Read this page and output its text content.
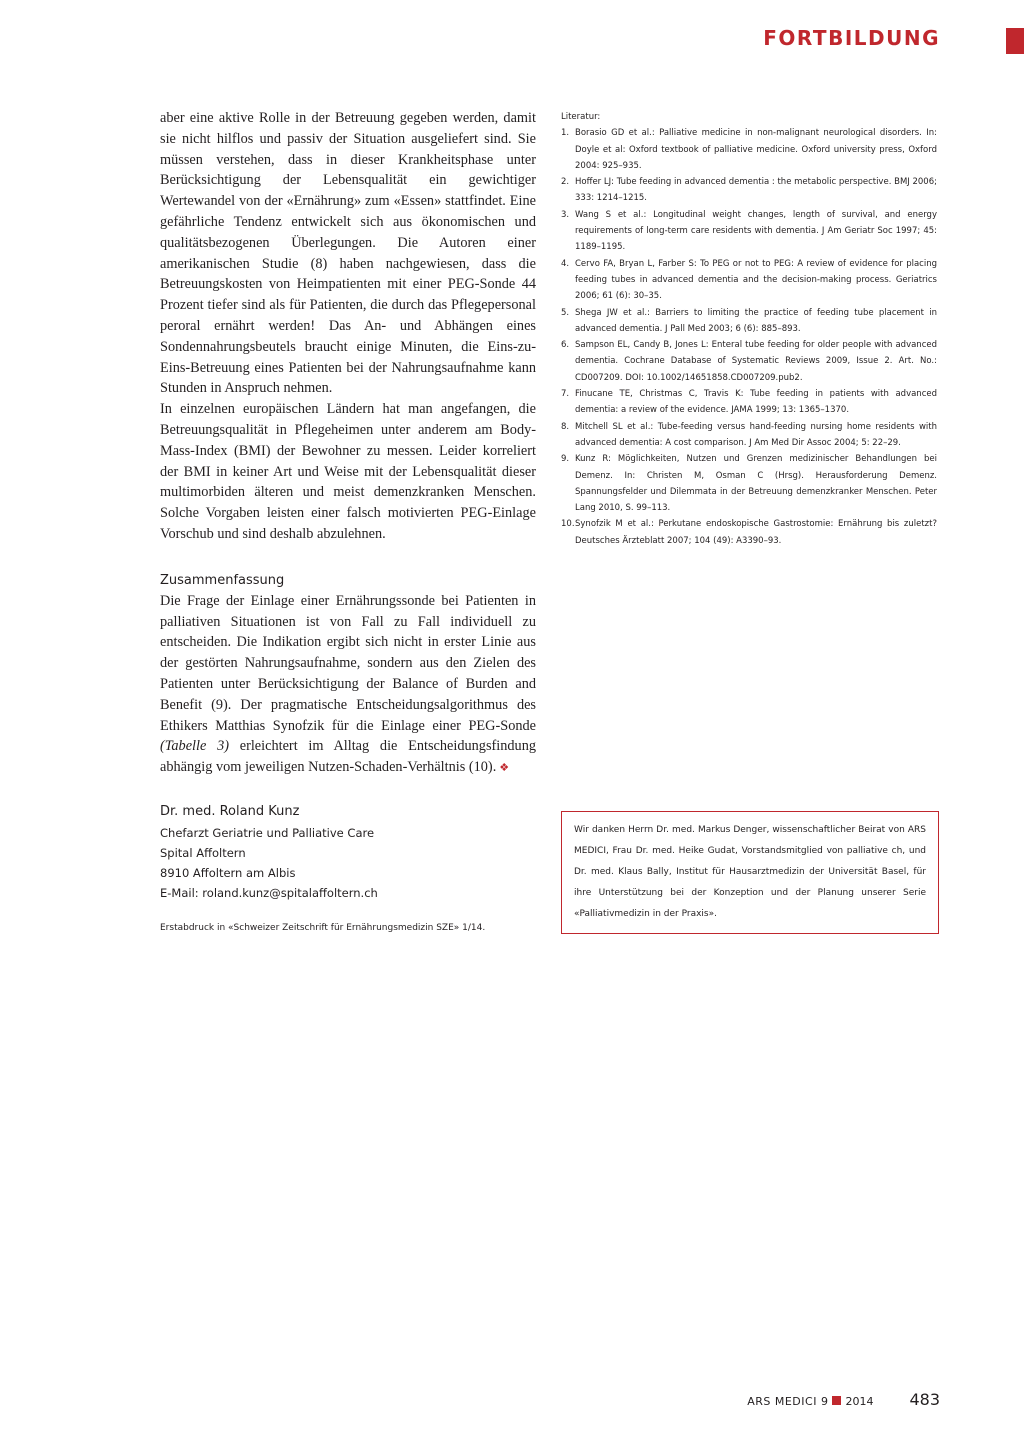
FORTBILDUNG

aber eine aktive Rolle in der Betreuung gegeben werden, damit sie nicht hilflos und passiv der Situation ausgeliefert sind. Sie müssen verstehen, dass in dieser Krankheitsphase unter Berücksichtigung der Lebensqualität ein gewichtiger Wertewandel von der «Ernährung» zum «Essen» stattfindet. Eine gefährliche Tendenz entwickelt sich aus ökonomischen und qualitätsbezogenen Überlegungen. Die Autoren einer amerikanischen Studie (8) haben nachgewiesen, dass die Betreuungskosten von Heimpatienten mit einer PEG-Sonde 44 Prozent tiefer sind als für Patienten, die durch das Pflegepersonal peroral ernährt werden! Das An- und Abhängen eines Sondennahrungsbeutels braucht einige Minuten, die Eins-zu-Eins-Betreuung eines Patienten bei der Nahrungsaufnahme kann Stunden in Anspruch nehmen.

In einzelnen europäischen Ländern hat man angefangen, die Betreuungsqualität in Pflegeheimen unter anderem am Body-Mass-Index (BMI) der Bewohner zu messen. Leider korreliert der BMI in keiner Art und Weise mit der Lebensqualität dieser multimorbiden älteren und meist demenzkranken Menschen. Solche Vorgaben leisten einer falsch motivierten PEG-Einlage Vorschub und sind deshalb abzulehnen.

Zusammenfassung

Die Frage der Einlage einer Ernährungssonde bei Patienten in palliativen Situationen ist von Fall zu Fall individuell zu entscheiden. Die Indikation ergibt sich nicht in erster Linie aus der gestörten Nahrungsaufnahme, sondern aus den Zielen des Patienten unter Berücksichtigung der Balance of Burden and Benefit (9). Der pragmatische Entscheidungsalgorithmus des Ethikers Matthias Synofzik für die Einlage einer PEG-Sonde (Tabelle 3) erleichtert im Alltag die Entscheidungsfindung abhängig vom jeweiligen Nutzen-Schaden-Verhältnis (10). ❖

Dr. med. Roland Kunz
Chefarzt Geriatrie und Palliative Care
Spital Affoltern
8910 Affoltern am Albis
E-Mail: roland.kunz@spitalaffoltern.ch
Erstabdruck in «Schweizer Zeitschrift für Ernährungsmedizin SZE» 1/14.

Literatur:

1. Borasio GD et al.: Palliative medicine in non-malignant neurological disorders. In: Doyle et al: Oxford textbook of palliative medicine. Oxford university press, Oxford 2004: 925–935.
2. Hoffer LJ: Tube feeding in advanced dementia : the metabolic perspective. BMJ 2006; 333: 1214–1215.
3. Wang S et al.: Longitudinal weight changes, length of survival, and energy requirements of long-term care residents with dementia. J Am Geriatr Soc 1997; 45: 1189–1195.
4. Cervo FA, Bryan L, Farber S: To PEG or not to PEG: A review of evidence for placing feeding tubes in advanced dementia and the decision-making process. Geriatrics 2006; 61 (6): 30–35.
5. Shega JW et al.: Barriers to limiting the practice of feeding tube placement in advanced dementia. J Pall Med 2003; 6 (6): 885–893.
6. Sampson EL, Candy B, Jones L: Enteral tube feeding for older people with advanced dementia. Cochrane Database of Systematic Reviews 2009, Issue 2. Art. No.: CD007209. DOI: 10.1002/14651858.CD007209.pub2.
7. Finucane TE, Christmas C, Travis K: Tube feeding in patients with advanced dementia: a review of the evidence. JAMA 1999; 13: 1365–1370.
8. Mitchell SL et al.: Tube-feeding versus hand-feeding nursing home residents with advanced dementia: A cost comparison. J Am Med Dir Assoc 2004; 5: 22–29.
9. Kunz R: Möglichkeiten, Nutzen und Grenzen medizinischer Behandlungen bei Demenz. In: Christen M, Osman C (Hrsg). Herausforderung Demenz. Spannungsfelder und Dilemmata in der Betreuung demenzkranker Menschen. Peter Lang 2010, S. 99–113.
10. Synofzik M et al.: Perkutane endoskopische Gastrostomie: Ernährung bis zuletzt? Deutsches Ärzteblatt 2007; 104 (49): A3390–93.
Wir danken Herrn Dr. med. Markus Denger, wissenschaftlicher Beirat von ARS MEDICI, Frau Dr. med. Heike Gudat, Vorstandsmitglied von palliative ch, und Dr. med. Klaus Bally, Institut für Hausarztmedizin der Universität Basel, für ihre Unterstützung bei der Konzeption und der Planung unserer Serie «Palliativmedizin in der Praxis».
ARS MEDICI 9 2014 483
